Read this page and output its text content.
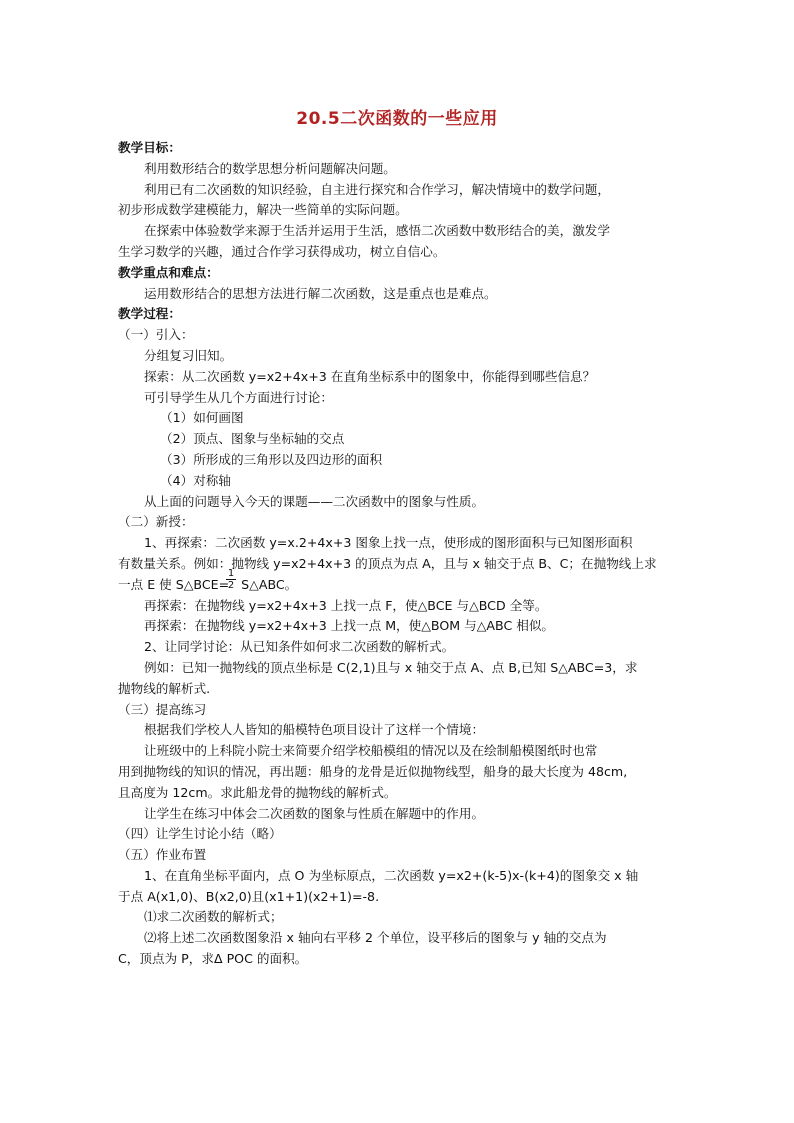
20.5二次函数的一些应用

教学目标：

利用数形结合的数学思想分析问题解决问题。

利用已有二次函数的知识经验，自主进行探究和合作学习，解决情境中的数学问题，

初步形成数学建模能力，解决一些简单的实际问题。

在探索中体验数学来源于生活并运用于生活，感悟二次函数中数形结合的美，激发学

生学习数学的兴趣，通过合作学习获得成功，树立自信心。

教学重点和难点：

运用数形结合的思想方法进行解二次函数，这是重点也是难点。

教学过程：

（一）引入：

分组复习旧知。

探索：从二次函数 y=x2+4x+3 在直角坐标系中的图象中，你能得到哪些信息？

可引导学生从几个方面进行讨论：

（1）如何画图

（2）顶点、图象与坐标轴的交点

（3）所形成的三角形以及四边形的面积

（4）对称轴

从上面的问题导入今天的课题——二次函数中的图象与性质。

（二）新授：

1、再探索：二次函数 y=x.2+4x+3 图象上找一点，使形成的图形面积与已知图形面积

有数量关系。例如：抛物线 y=x2+4x+3 的顶点为点 A，且与 x 轴交于点 B、C；在抛物线上求

一点 E 使 S△BCE= S△ABC。
$\frac{1}{2}$

再探索：在抛物线 y=x2+4x+3 上找一点 F，使△BCE 与△BCD 全等。

再探索：在抛物线 y=x2+4x+3 上找一点 M，使△BOM 与△ABC 相似。

2、让同学讨论：从已知条件如何求二次函数的解析式。

例如：已知一抛物线的顶点坐标是 C(2,1)且与 x 轴交于点 A、点 B,已知 S△ABC=3，求

抛物线的解析式.

（三）提高练习

根据我们学校人人皆知的船模特色项目设计了这样一个情境：

让班级中的上科院小院士来简要介绍学校船模组的情况以及在绘制船模图纸时也常

用到抛物线的知识的情况，再出题：船身的龙骨是近似抛物线型，船身的最大长度为 48cm,

且高度为 12cm。求此船龙骨的抛物线的解析式。

让学生在练习中体会二次函数的图象与性质在解题中的作用。

（四）让学生讨论小结（略）

（五）作业布置

1、在直角坐标平面内，点 O 为坐标原点，二次函数 y=x2+(k-5)x-(k+4)的图象交 x 轴

于点 A(x1,0)、B(x2,0)且(x1+1)(x2+1)=-8.

⑴求二次函数的解析式；

⑵将上述二次函数图象沿 x 轴向右平移 2 个单位，设平移后的图象与 y 轴的交点为

C，顶点为 P，求Δ POC 的面积。
